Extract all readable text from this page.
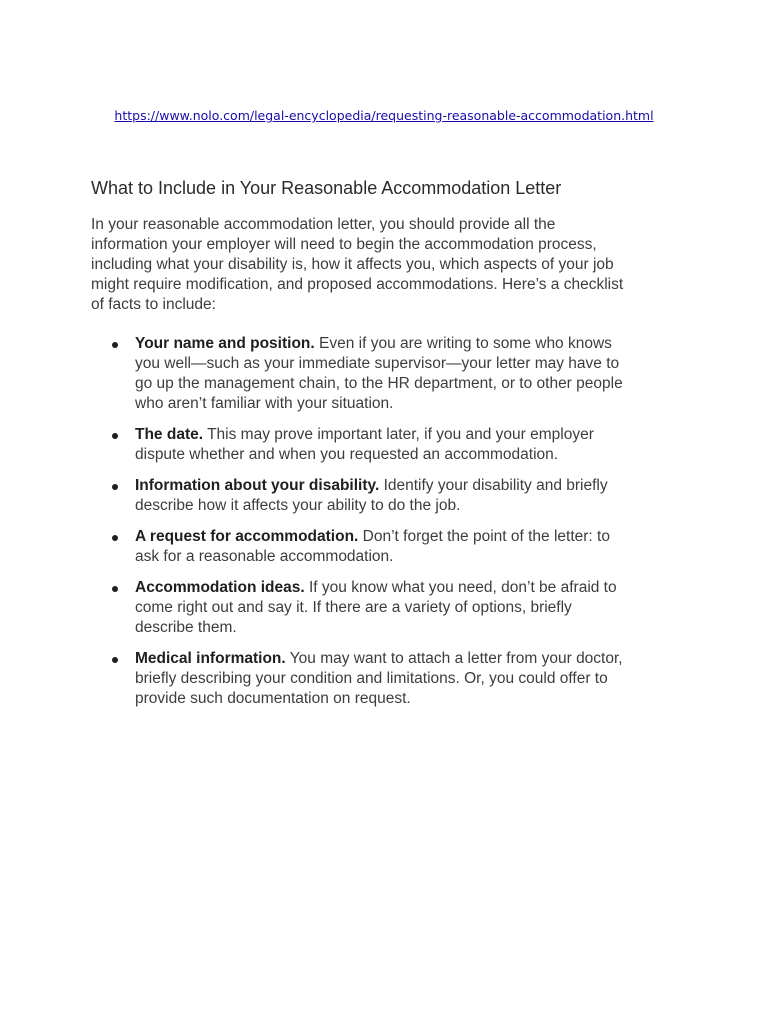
https://www.nolo.com/legal-encyclopedia/requesting-reasonable-accommodation.html
What to Include in Your Reasonable Accommodation Letter

In your reasonable accommodation letter, you should provide all the
information your employer will need to begin the accommodation process,
including what your disability is, how it affects you, which aspects of your job
might require modification, and proposed accommodations. Here’s a checklist
of facts to include:

Your name and position. Even if you are writing to some who knows
you well—such as your immediate supervisor—your letter may have to
go up the management chain, to the HR department, or to other people
who aren’t familiar with your situation.
The date. This may prove important later, if you and your employer
dispute whether and when you requested an accommodation.
Information about your disability. Identify your disability and briefly
describe how it affects your ability to do the job.
A request for accommodation. Don’t forget the point of the letter: to
ask for a reasonable accommodation.
Accommodation ideas. If you know what you need, don’t be afraid to
come right out and say it. If there are a variety of options, briefly
describe them.
Medical information. You may want to attach a letter from your doctor,
briefly describing your condition and limitations. Or, you could offer to
provide such documentation on request.
